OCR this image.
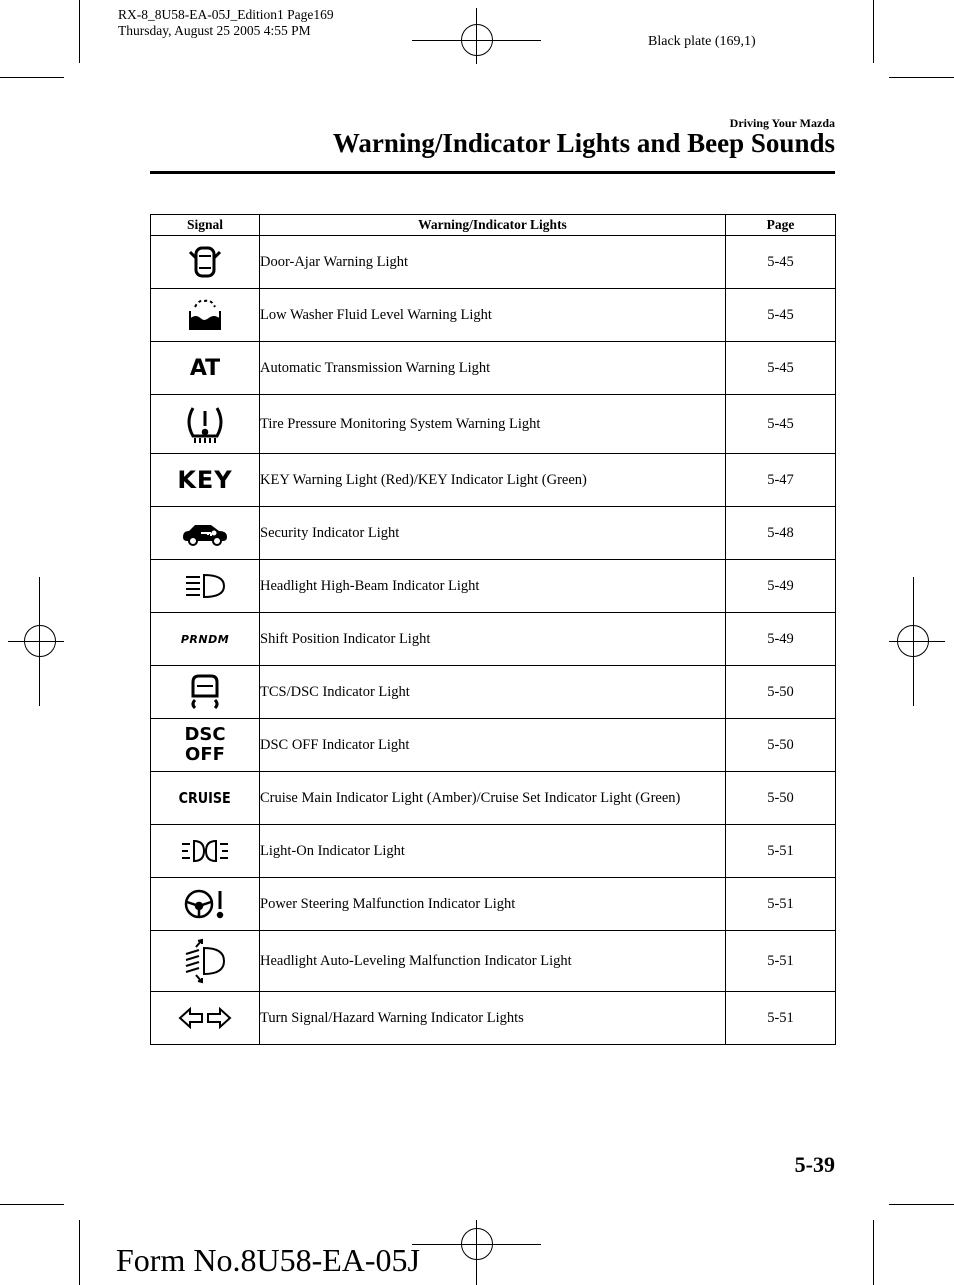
RX-8_8U58-EA-05J_Edition1 Page169
Thursday, August 25 2005 4:55 PM
Black plate (169,1)
Driving Your Mazda
Warning/Indicator Lights and Beep Sounds
Signal	Warning/Indicator Lights	Page

	Door-Ajar Warning Light	5-45

	Low Washer Fluid Level Warning Light	5-45
AT	Automatic Transmission Warning Light	5-45

	Tire Pressure Monitoring System Warning Light	5-45
KEY	KEY Warning Light (Red)/KEY Indicator Light (Green)	5-47

	Security Indicator Light	5-48

	Headlight High-Beam Indicator Light	5-49
PRNDM	Shift Position Indicator Light	5-49

	TCS/DSC Indicator Light	5-50

DSC
OFF	DSC OFF Indicator Light	5-50
CRUISE	Cruise Main Indicator Light (Amber)/Cruise Set Indicator Light (Green)	5-50

	Light-On Indicator Light	5-51

	Power Steering Malfunction Indicator Light	5-51

	Headlight Auto-Leveling Malfunction Indicator Light	5-51

	Turn Signal/Hazard Warning Indicator Lights	5-51
5-39
Form No.8U58-EA-05J
